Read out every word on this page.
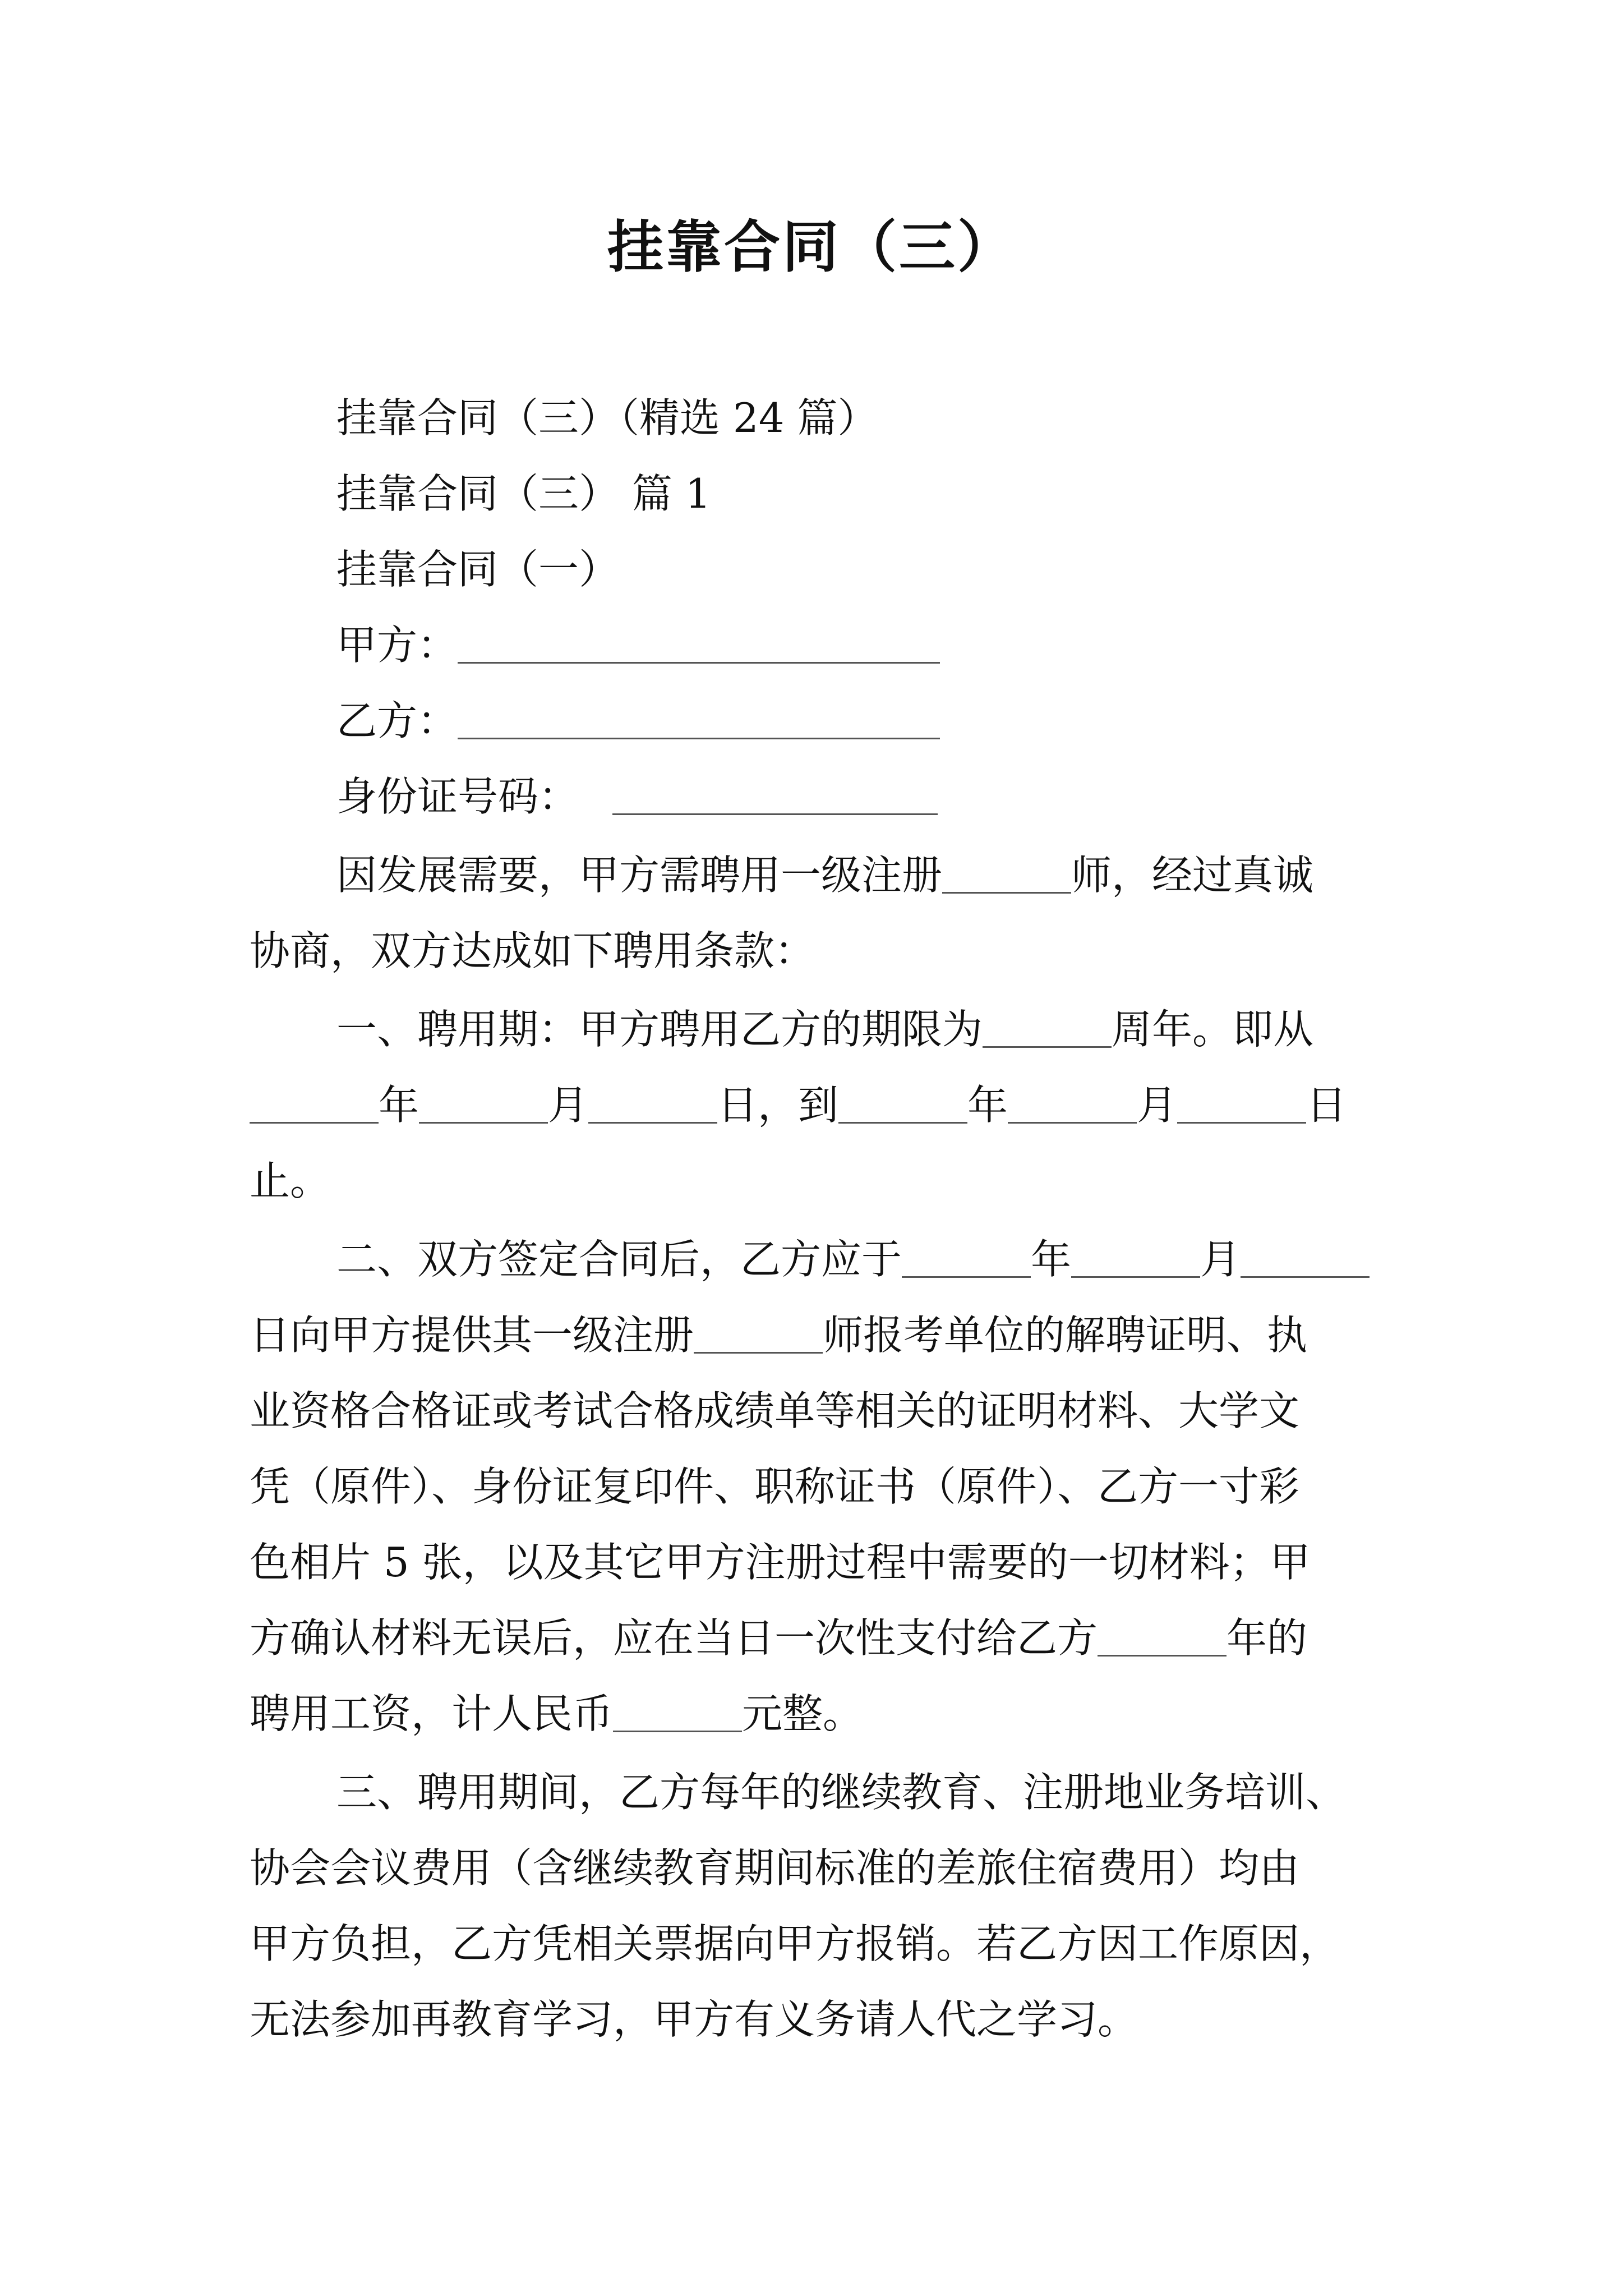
挂靠合同（三）
挂靠合同（三）（精选 24 篇）
挂靠合同（三） 篇 1
挂靠合同（一）
甲方：
乙方：
身份证号码：
因发展需要，甲方需聘用一级注册	师，经过真诚
协商，双方达成如下聘用条款：
一、聘用期：甲方聘用乙方的期限为	周年。即从
年	月	日，到	年	月	日
止。
二、双方签定合同后，乙方应于	年	月
日向甲方提供其一级注册	师报考单位的解聘证明、执
业资格合格证或考试合格成绩单等相关的证明材料、大学文
凭（原件）、身份证复印件、职称证书（原件）、乙方一寸彩
色相片 5 张，以及其它甲方注册过程中需要的一切材料；甲
方确认材料无误后，应在当日一次性支付给乙方	年的
聘用工资，计人民币	元整。
三、聘用期间，乙方每年的继续教育、注册地业务培训、
协会会议费用（含继续教育期间标准的差旅住宿费用）均由
甲方负担，乙方凭相关票据向甲方报销。若乙方因工作原因，
无法参加再教育学习，甲方有义务请人代之学习。
